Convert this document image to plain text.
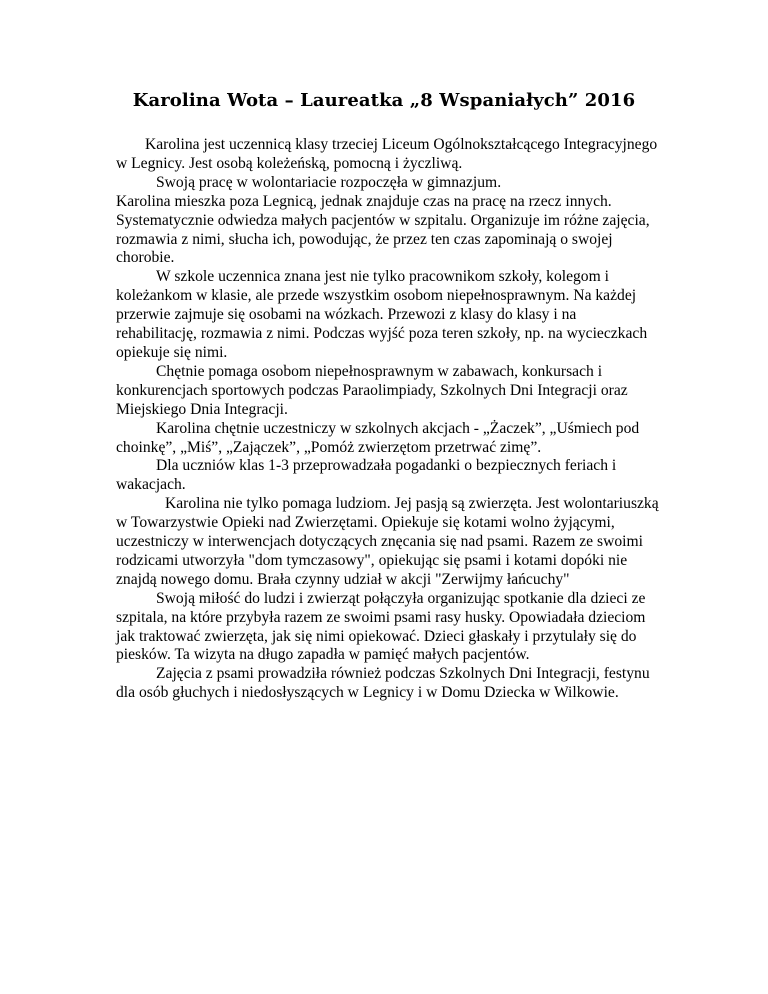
Karolina Wota – Laureatka „8 Wspaniałych” 2016

Karolina jest uczennicą klasy trzeciej Liceum Ogólnokształcącego Integracyjnego w Legnicy. Jest osobą koleżeńską, pomocną i życzliwą.

Swoją pracę w wolontariacie rozpoczęła w gimnazjum.

Karolina mieszka poza Legnicą, jednak znajduje czas na pracę na rzecz innych. Systematycznie odwiedza małych pacjentów w szpitalu. Organizuje im różne zajęcia, rozmawia z nimi, słucha ich, powodując, że przez ten czas zapominają o swojej chorobie.

W szkole uczennica znana jest nie tylko pracownikom szkoły, kolegom i koleżankom w klasie, ale przede wszystkim osobom niepełnosprawnym. Na każdej przerwie zajmuje się osobami na wózkach. Przewozi z klasy do klasy i na rehabilitację, rozmawia z nimi. Podczas wyjść poza teren szkoły, np. na wycieczkach opiekuje się nimi.

Chętnie pomaga osobom niepełnosprawnym w zabawach, konkursach i konkurencjach sportowych podczas Paraolimpiady, Szkolnych Dni Integracji oraz Miejskiego Dnia Integracji.

Karolina chętnie uczestniczy w szkolnych akcjach - „Żaczek”, „Uśmiech pod choinkę”, „Miś”, „Zajączek”, „Pomóż zwierzętom przetrwać zimę”.

Dla uczniów klas 1-3 przeprowadzała pogadanki o bezpiecznych feriach i wakacjach.

Karolina nie tylko pomaga ludziom. Jej pasją są zwierzęta. Jest wolontariuszką w Towarzystwie Opieki nad Zwierzętami. Opiekuje się kotami wolno żyjącymi, uczestniczy w interwencjach dotyczących znęcania się nad psami. Razem ze swoimi rodzicami utworzyła "dom tymczasowy", opiekując się psami i kotami dopóki nie znajdą nowego domu. Brała czynny udział w akcji "Zerwijmy łańcuchy"

Swoją miłość do ludzi i zwierząt połączyła organizując spotkanie dla dzieci ze szpitala, na które przybyła razem ze swoimi psami rasy husky. Opowiadała dzieciom jak traktować zwierzęta, jak się nimi opiekować. Dzieci głaskały i przytulały się do piesków. Ta wizyta na długo zapadła w pamięć małych pacjentów.

Zajęcia z psami prowadziła również podczas Szkolnych Dni Integracji, festynu dla osób głuchych i niedosłyszących w Legnicy i w Domu Dziecka w Wilkowie.
